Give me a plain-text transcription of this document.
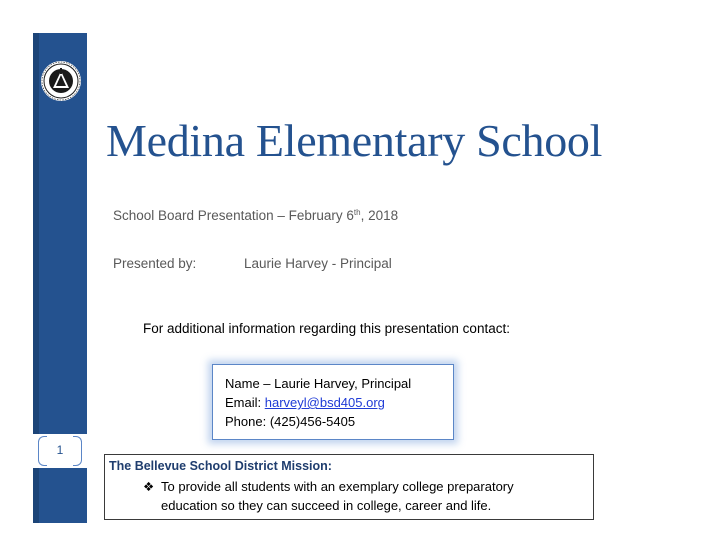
Medina Elementary School
School Board Presentation – February 6th, 2018
Presented by:	Laurie Harvey - Principal
For additional information regarding this presentation contact:
Name – Laurie Harvey, Principal
Email: harveyl@bsd405.org
Phone: (425)456-5405
1
The Bellevue School District Mission:
❖ To provide all students with an exemplary college preparatory
education so they can succeed in college, career and life.
